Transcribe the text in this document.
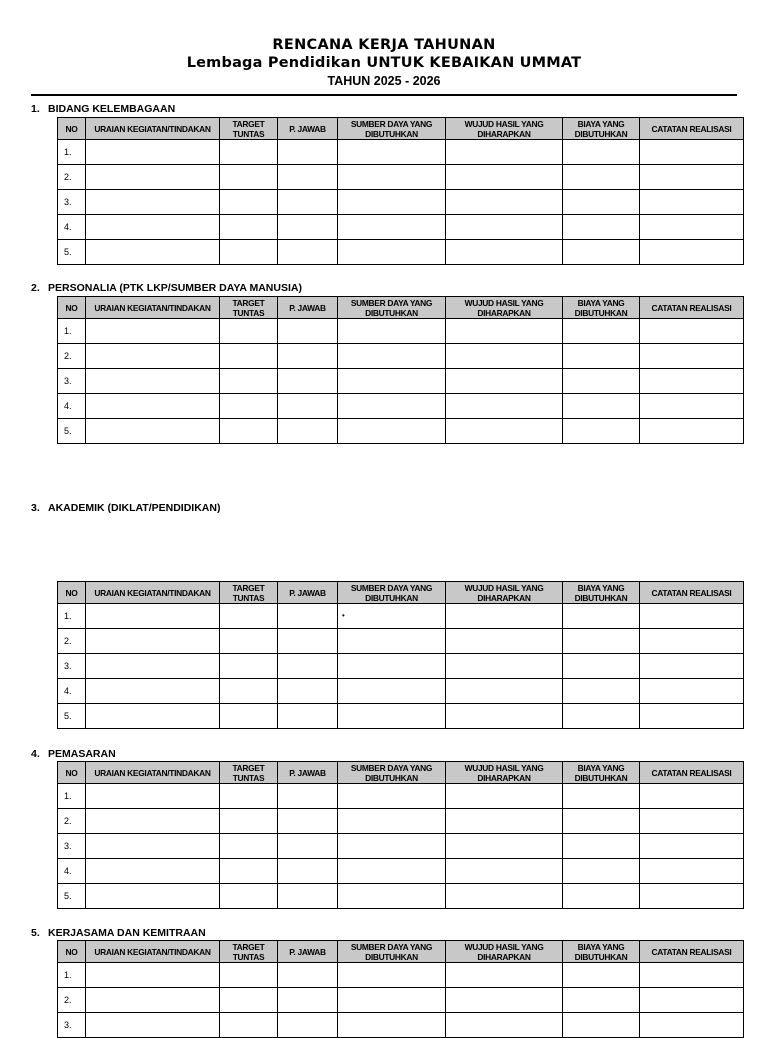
RENCANA KERJA TAHUNAN
Lembaga Pendidikan UNTUK KEBAIKAN UMMAT
TAHUN 2025 - 2026
1. BIDANG KELEMBAGAAN
NO	URAIAN KEGIATAN/TINDAKAN	TARGET TUNTAS	P. JAWAB	SUMBER DAYA YANG DIBUTUHKAN	WUJUD HASIL YANG DIHARAPKAN	BIAYA YANG DIBUTUHKAN	CATATAN REALISASI
1.							
2.							
3.							
4.							
5.							
2. PERSONALIA (PTK LKP/SUMBER DAYA MANUSIA)
NO	URAIAN KEGIATAN/TINDAKAN	TARGET TUNTAS	P. JAWAB	SUMBER DAYA YANG DIBUTUHKAN	WUJUD HASIL YANG DIHARAPKAN	BIAYA YANG DIBUTUHKAN	CATATAN REALISASI
1.							
2.							
3.							
4.							
5.							
3. AKADEMIK (DIKLAT/PENDIDIKAN)
NO	URAIAN KEGIATAN/TINDAKAN	TARGET TUNTAS	P. JAWAB	SUMBER DAYA YANG DIBUTUHKAN	WUJUD HASIL YANG DIHARAPKAN	BIAYA YANG DIBUTUHKAN	CATATAN REALISASI
1.				•			
2.							
3.							
4.							
5.							
4. PEMASARAN
NO	URAIAN KEGIATAN/TINDAKAN	TARGET TUNTAS	P. JAWAB	SUMBER DAYA YANG DIBUTUHKAN	WUJUD HASIL YANG DIHARAPKAN	BIAYA YANG DIBUTUHKAN	CATATAN REALISASI
1.							
2.							
3.							
4.							
5.							
5. KERJASAMA DAN KEMITRAAN
NO	URAIAN KEGIATAN/TINDAKAN	TARGET TUNTAS	P. JAWAB	SUMBER DAYA YANG DIBUTUHKAN	WUJUD HASIL YANG DIHARAPKAN	BIAYA YANG DIBUTUHKAN	CATATAN REALISASI
1.							
2.							
3.							
